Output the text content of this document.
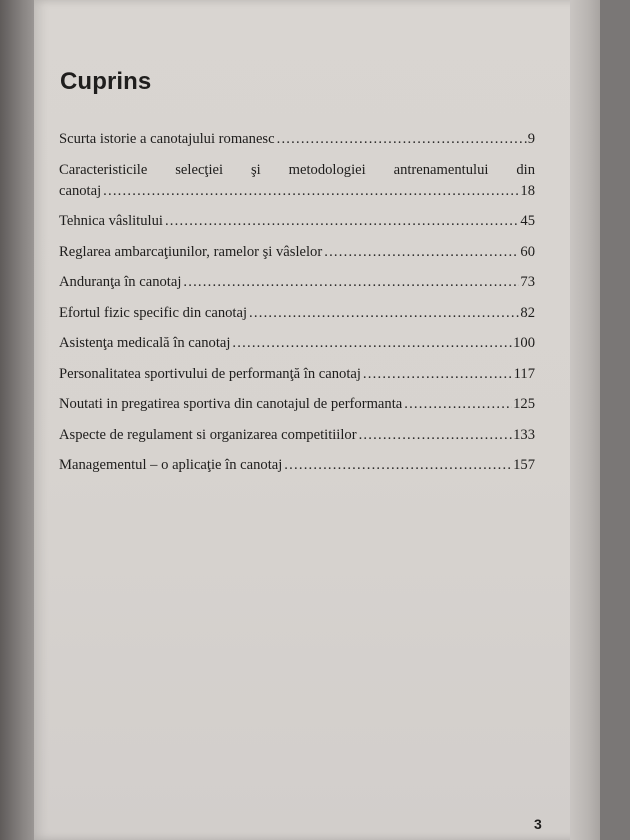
Cuprins
Scurta istorie a canotajului romanesc .....	9
Caracteristicile selecţiei şi metodologiei antrenamentului din
canotaj .....	18
Tehnica vâslitului .....	45
Reglarea ambarcaţiunilor, ramelor şi vâslelor .....	60
Anduranţa în canotaj .....	73
Efortul fizic specific din canotaj .....	82
Asistenţa medicală în canotaj .....	100
Personalitatea sportivului de performanţă în canotaj .....	117
Noutati in pregatirea sportiva din canotajul de performanta .....	125
Aspecte de regulament si organizarea competitiilor .....	133
Managementul – o aplicaţie în canotaj .....	157

3
